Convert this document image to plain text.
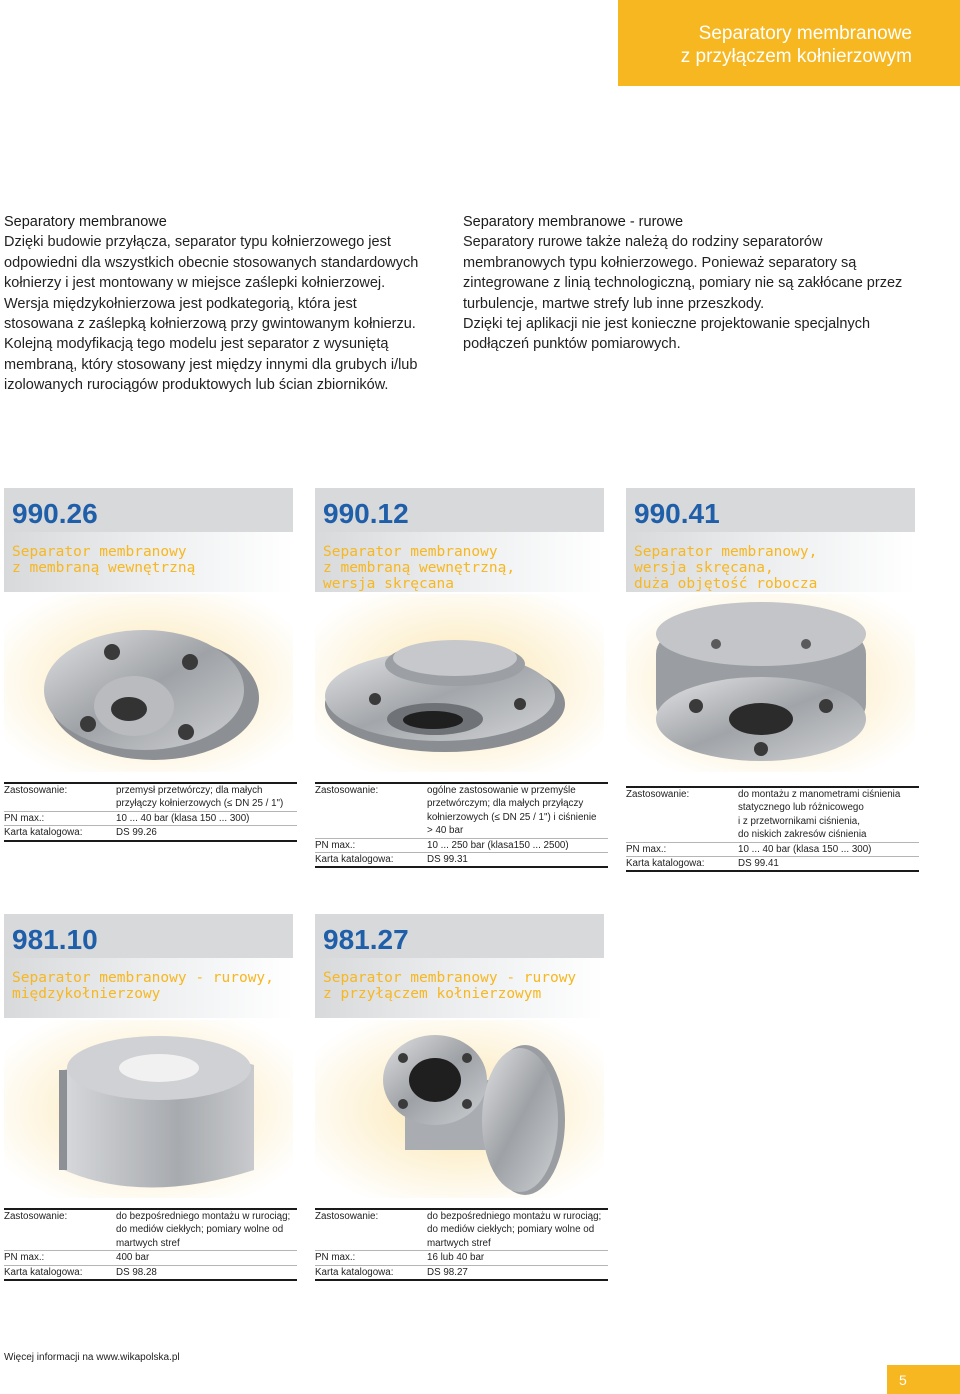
Separatory membranowe
z przyłączem kołnierzowym
Separatory membranowe
Dzięki budowie przyłącza, separator typu kołnierzowego jest odpowiedni dla wszystkich obecnie stosowanych standardowych kołnierzy i jest montowany w miejsce zaślepki kołnierzowej. Wersja międzykołnierzowa jest podkategorią, która jest stosowana z zaślepką kołnierzową przy gwintowanym kołnierzu. Kolejną modyfikacją tego modelu jest separator z wysuniętą membraną, który stosowany jest między innymi dla grubych i/lub izolowanych rurociągów produktowych lub ścian zbiorników.
Separatory membranowe - rurowe
Separatory rurowe także należą do rodziny separatorów membranowych typu kołnierzowego. Ponieważ separatory są zintegrowane z linią technologiczną, pomiary nie są zakłócane przez turbulencje, martwe strefy lub inne przeszkody.
Dzięki tej aplikacji nie jest konieczne projektowanie specjalnych podłączeń punktów pomiarowych.
990.26
Separator membranowy
z membraną wewnętrzną
Zastosowanie:	przemysł przetwórczy; dla małych
przyłączy kołnierzowych (≤ DN 25 / 1")
PN max.:	10 ... 40 bar (klasa 150 ... 300)
Karta katalogowa:	DS 99.26
990.12
Separator membranowy
z membraną wewnętrzną,
wersja skręcana
Zastosowanie:	ogólne zastosowanie w przemyśle
przetwórczym; dla małych przyłączy
kołnierzowych (≤ DN 25 / 1") i ciśnienie
> 40 bar
PN max.:	10 ... 250 bar (klasa150 ... 2500)
Karta katalogowa:	DS 99.31
990.41
Separator membranowy,
wersja skręcana,
duża objętość robocza
Zastosowanie:	do montażu z manometrami ciśnienia
statycznego lub różnicowego
i z przetwornikami ciśnienia,
do niskich zakresów ciśnienia
PN max.:	10 ... 40 bar (klasa 150 ... 300)
Karta katalogowa:	DS 99.41
981.10
Separator membranowy - rurowy,
międzykołnierzowy
Zastosowanie:	do bezpośredniego montażu w rurociąg;
do mediów ciekłych; pomiary wolne od
martwych stref
PN max.:	400 bar
Karta katalogowa:	DS 98.28
981.27
Separator membranowy - rurowy
z przyłączem kołnierzowym
Zastosowanie:	do bezpośredniego montażu w rurociąg;
do mediów ciekłych; pomiary wolne od
martwych stref
PN max.:	16 lub 40 bar
Karta katalogowa:	DS 98.27
Więcej informacji na www.wikapolska.pl
5
